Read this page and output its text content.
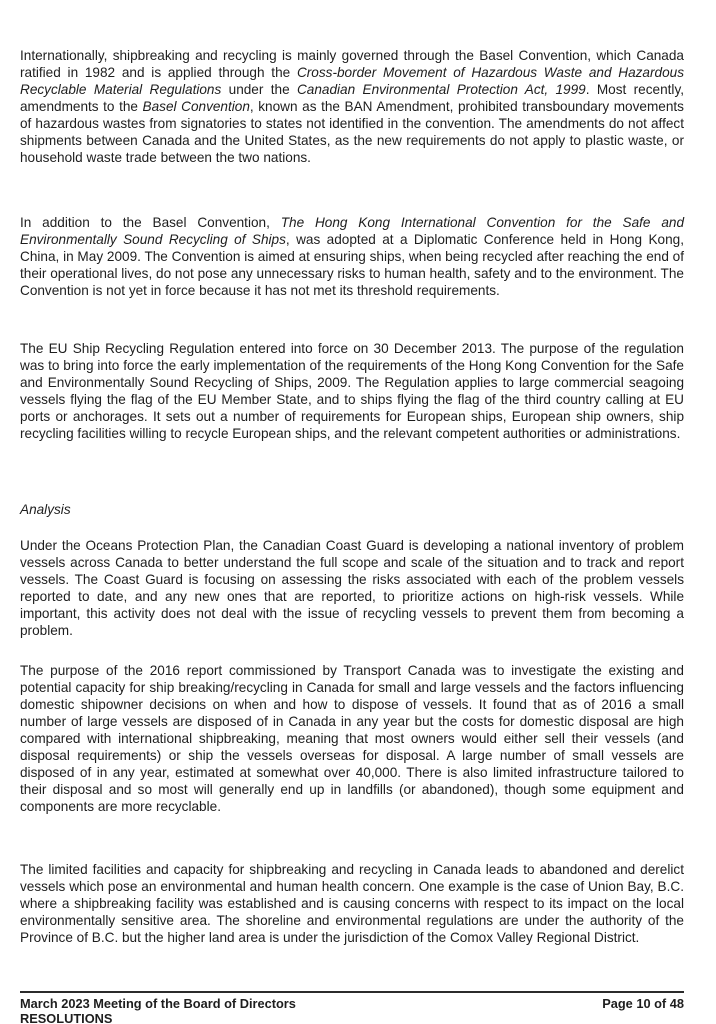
Internationally, shipbreaking and recycling is mainly governed through the Basel Convention, which Canada ratified in 1982 and is applied through the Cross-border Movement of Hazardous Waste and Hazardous Recyclable Material Regulations under the Canadian Environmental Protection Act, 1999. Most recently, amendments to the Basel Convention, known as the BAN Amendment, prohibited transboundary movements of hazardous wastes from signatories to states not identified in the convention. The amendments do not affect shipments between Canada and the United States, as the new requirements do not apply to plastic waste, or household waste trade between the two nations.

In addition to the Basel Convention, The Hong Kong International Convention for the Safe and Environmentally Sound Recycling of Ships, was adopted at a Diplomatic Conference held in Hong Kong, China, in May 2009. The Convention is aimed at ensuring ships, when being recycled after reaching the end of their operational lives, do not pose any unnecessary risks to human health, safety and to the environment. The Convention is not yet in force because it has not met its threshold requirements.

The EU Ship Recycling Regulation entered into force on 30 December 2013. The purpose of the regulation was to bring into force the early implementation of the requirements of the Hong Kong Convention for the Safe and Environmentally Sound Recycling of Ships, 2009. The Regulation applies to large commercial seagoing vessels flying the flag of the EU Member State, and to ships flying the flag of the third country calling at EU ports or anchorages. It sets out a number of requirements for European ships, European ship owners, ship recycling facilities willing to recycle European ships, and the relevant competent authorities or administrations.

Analysis

Under the Oceans Protection Plan, the Canadian Coast Guard is developing a national inventory of problem vessels across Canada to better understand the full scope and scale of the situation and to track and report vessels. The Coast Guard is focusing on assessing the risks associated with each of the problem vessels reported to date, and any new ones that are reported, to prioritize actions on high-risk vessels. While important, this activity does not deal with the issue of recycling vessels to prevent them from becoming a problem.

The purpose of the 2016 report commissioned by Transport Canada was to investigate the existing and potential capacity for ship breaking/recycling in Canada for small and large vessels and the factors influencing domestic shipowner decisions on when and how to dispose of vessels. It found that as of 2016 a small number of large vessels are disposed of in Canada in any year but the costs for domestic disposal are high compared with international shipbreaking, meaning that most owners would either sell their vessels (and disposal requirements) or ship the vessels overseas for disposal. A large number of small vessels are disposed of in any year, estimated at somewhat over 40,000. There is also limited infrastructure tailored to their disposal and so most will generally end up in landfills (or abandoned), though some equipment and components are more recyclable.

The limited facilities and capacity for shipbreaking and recycling in Canada leads to abandoned and derelict vessels which pose an environmental and human health concern. One example is the case of Union Bay, B.C. where a shipbreaking facility was established and is causing concerns with respect to its impact on the local environmentally sensitive area. The shoreline and environmental regulations are under the authority of the Province of B.C. but the higher land area is under the jurisdiction of the Comox Valley Regional District.

March 2023 Meeting of the Board of Directors
RESOLUTIONS
Page 10 of 48
